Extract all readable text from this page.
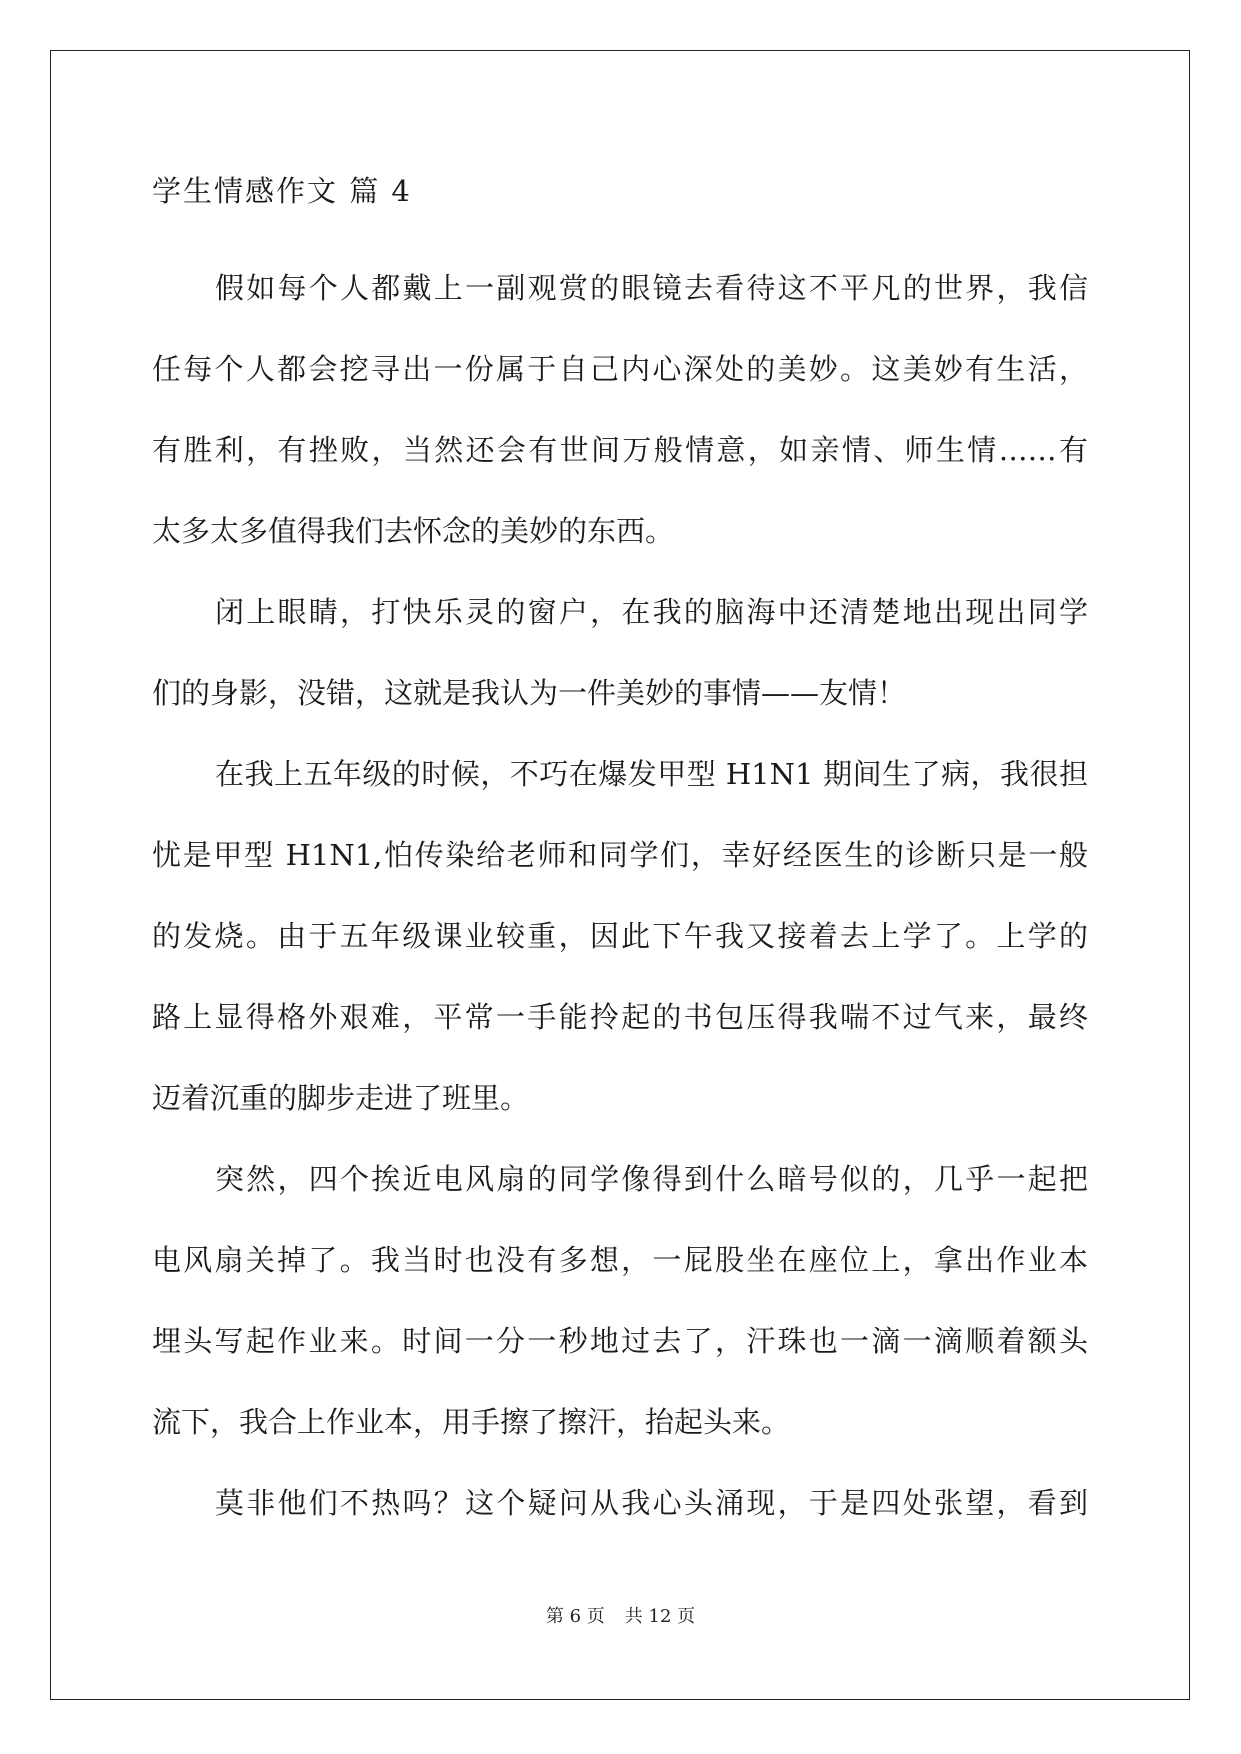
学生情感作文 篇 4
假如每个人都戴上一副观赏的眼镜去看待这不平凡的世界，我信
任每个人都会挖寻出一份属于自己内心深处的美妙。这美妙有生活，
有胜利，有挫败，当然还会有世间万般情意，如亲情、师生情……有
太多太多值得我们去怀念的美妙的东西。
闭上眼睛，打快乐灵的窗户，在我的脑海中还清楚地出现出同学
们的身影，没错，这就是我认为一件美妙的事情——友情！
在我上五年级的时候，不巧在爆发甲型 H1N1 期间生了病，我很担
忧是甲型 H1N1,怕传染给老师和同学们，幸好经医生的诊断只是一般
的发烧。由于五年级课业较重，因此下午我又接着去上学了。上学的
路上显得格外艰难，平常一手能拎起的书包压得我喘不过气来，最终
迈着沉重的脚步走进了班里。
突然，四个挨近电风扇的同学像得到什么暗号似的，几乎一起把
电风扇关掉了。我当时也没有多想，一屁股坐在座位上，拿出作业本
埋头写起作业来。时间一分一秒地过去了，汗珠也一滴一滴顺着额头
流下，我合上作业本，用手擦了擦汗，抬起头来。
莫非他们不热吗？这个疑问从我心头涌现，于是四处张望，看到
第 6 页 共 12 页
